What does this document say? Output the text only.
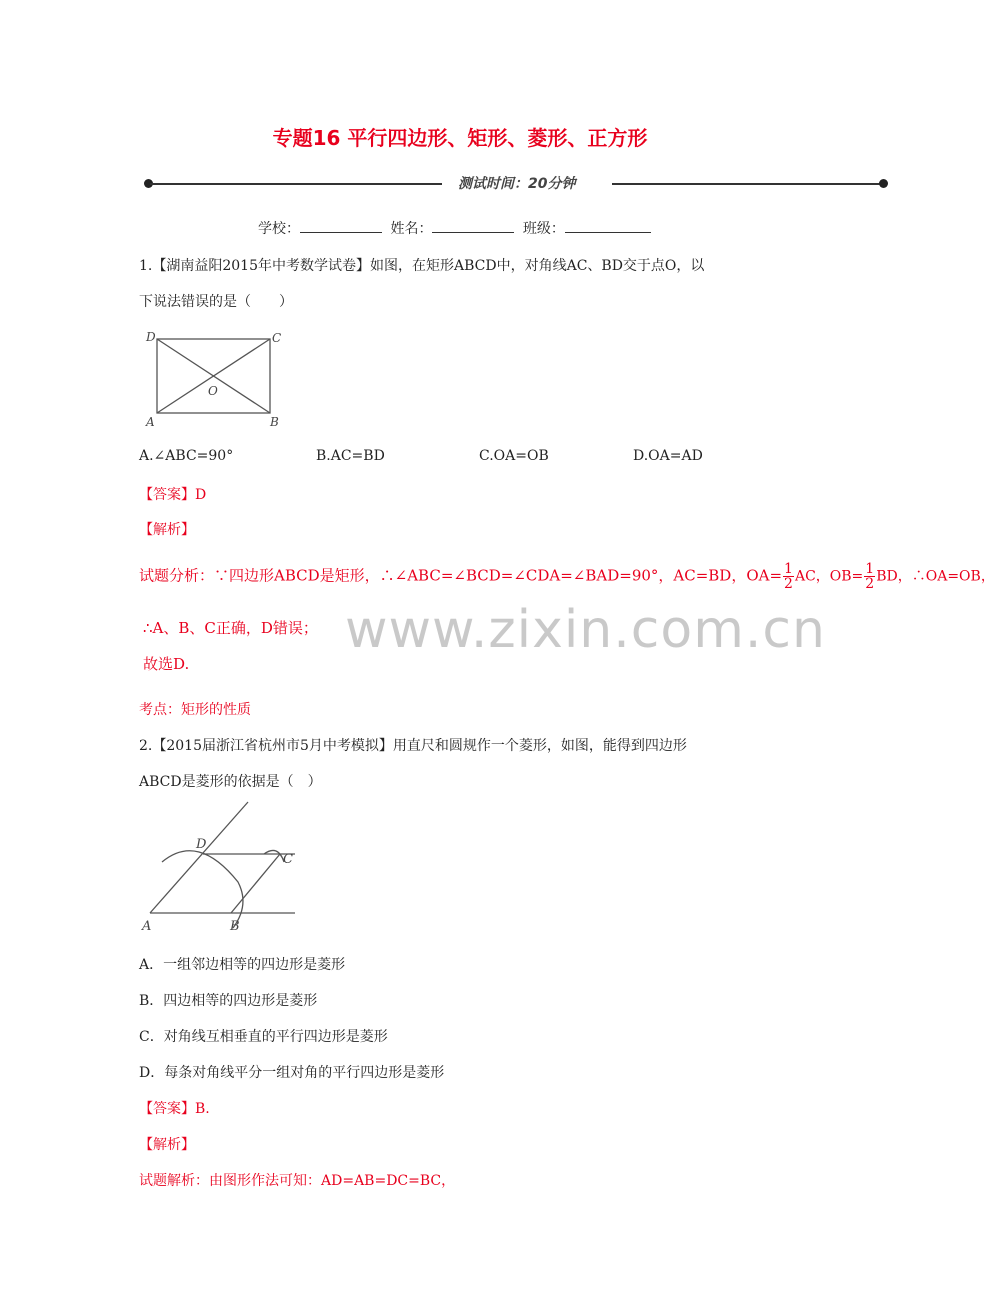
专题16 平行四边形、矩形、菱形、正方形
测试时间：20分钟
学校：	姓名：	班级：
1.【湖南益阳2015年中考数学试卷】如图，在矩形ABCD中，对角线AC、BD交于点O，以
下说法错误的是（　　）
D	C
A	B
O
A.∠ABC=90°	B.AC=BD	C.OA=OB	D.OA=AD
【答案】D
【解析】
试题分析：∵四边形ABCD是矩形，∴∠ABC=∠BCD=∠CDA=∠BAD=90°，AC=BD，$OA= \frac{1}{2}$ AC，$OB= \frac{1}{2}$ BD，∴OA=OB，
∴A、B、C正确，D错误；
故选D.
考点：矩形的性质
www.zixin.com.cn
2.【2015届浙江省杭州市5月中考模拟】用直尺和圆规作一个菱形，如图，能得到四边形
ABCD是菱形的依据是（　）
D
C
A	B
A．一组邻边相等的四边形是菱形
B．四边相等的四边形是菱形
C．对角线互相垂直的平行四边形是菱形
D．每条对角线平分一组对角的平行四边形是菱形
【答案】B.
【解析】
试题解析：由图形作法可知：AD=AB=DC=BC，
